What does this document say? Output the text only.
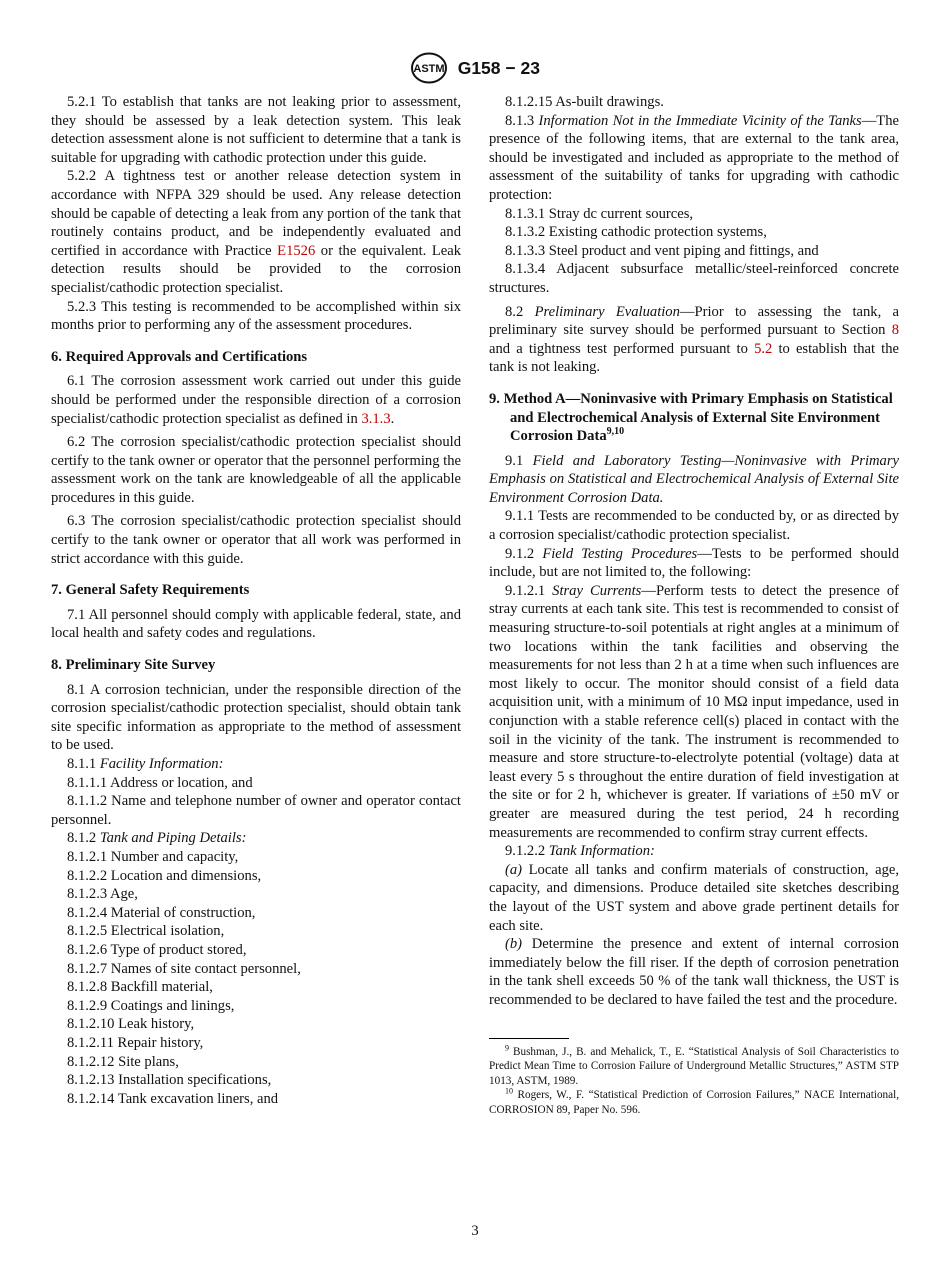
ASTM G158 − 23

5.2.1 To establish that tanks are not leaking prior to assessment, they should be assessed by a leak detection system. This leak detection assessment alone is not sufficient to determine that a tank is suitable for upgrading with cathodic protection under this guide.

5.2.2 A tightness test or another release detection system in accordance with NFPA 329 should be used. Any release detection should be capable of detecting a leak from any portion of the tank that routinely contains product, and be independently evaluated and certified in accordance with Practice E1526 or the equivalent. Leak detection results should be provided to the corrosion specialist/cathodic protection specialist.

5.2.3 This testing is recommended to be accomplished within six months prior to performing any of the assessment procedures.

6. Required Approvals and Certifications

6.1 The corrosion assessment work carried out under this guide should be performed under the responsible direction of a corrosion specialist/cathodic protection specialist as defined in 3.1.3.

6.2 The corrosion specialist/cathodic protection specialist should certify to the tank owner or operator that the personnel performing the assessment work on the tank are knowledgeable of all the applicable procedures in this guide.

6.3 The corrosion specialist/cathodic protection specialist should certify to the tank owner or operator that all work was performed in strict accordance with this guide.

7. General Safety Requirements

7.1 All personnel should comply with applicable federal, state, and local health and safety codes and regulations.

8. Preliminary Site Survey

8.1 A corrosion technician, under the responsible direction of the corrosion specialist/cathodic protection specialist, should obtain tank site specific information as appropriate to the method of assessment to be used.

8.1.1 Facility Information:

8.1.1.1 Address or location, and

8.1.1.2 Name and telephone number of owner and operator contact personnel.

8.1.2 Tank and Piping Details:

8.1.2.1 Number and capacity,
8.1.2.2 Location and dimensions,
8.1.2.3 Age,
8.1.2.4 Material of construction,
8.1.2.5 Electrical isolation,
8.1.2.6 Type of product stored,
8.1.2.7 Names of site contact personnel,
8.1.2.8 Backfill material,
8.1.2.9 Coatings and linings,
8.1.2.10 Leak history,
8.1.2.11 Repair history,
8.1.2.12 Site plans,
8.1.2.13 Installation specifications,
8.1.2.14 Tank excavation liners, and

8.1.2.15 As-built drawings.

8.1.3 Information Not in the Immediate Vicinity of the Tanks—The presence of the following items, that are external to the tank area, should be investigated and included as appropriate to the method of assessment of the suitability of tanks for upgrading with cathodic protection:

8.1.3.1 Stray dc current sources,

8.1.3.2 Existing cathodic protection systems,

8.1.3.3 Steel product and vent piping and fittings, and

8.1.3.4 Adjacent subsurface metallic/steel-reinforced concrete structures.

8.2 Preliminary Evaluation—Prior to assessing the tank, a preliminary site survey should be performed pursuant to Section 8 and a tightness test performed pursuant to 5.2 to establish that the tank is not leaking.

9. Method A—Noninvasive with Primary Emphasis on Statistical and Electrochemical Analysis of External Site Environment Corrosion Data$^{9,10}$

9.1 Field and Laboratory Testing—Noninvasive with Primary Emphasis on Statistical and Electrochemical Analysis of External Site Environment Corrosion Data.

9.1.1 Tests are recommended to be conducted by, or as directed by a corrosion specialist/cathodic protection specialist.

9.1.2 Field Testing Procedures—Tests to be performed should include, but are not limited to, the following:

9.1.2.1 Stray Currents—Perform tests to detect the presence of stray currents at each tank site. This test is recommended to consist of measuring structure-to-soil potentials at right angles at a minimum of two locations within the tank facilities and observing the measurements for not less than 2 h at a time when such influences are most likely to occur. The monitor should consist of a field data acquisition unit, with a minimum of 10 MΩ input impedance, used in conjunction with a stable reference cell(s) placed in contact with the soil in the vicinity of the tank. The instrument is recommended to measure and store structure-to-electrolyte potential (voltage) data at least every 5 s throughout the entire duration of field investigation at the site or for 2 h, whichever is greater. If variations of ±50 mV or greater are measured during the test period, 24 h recording measurements are recommended to confirm stray current effects.

9.1.2.2 Tank Information:

(a) Locate all tanks and confirm materials of construction, age, capacity, and dimensions. Produce detailed site sketches describing the layout of the UST system and above grade pertinent details for each site.

(b) Determine the presence and extent of internal corrosion immediately below the fill riser. If the depth of corrosion penetration in the tank shell exceeds 50 % of the tank wall thickness, the UST is recommended to be declared to have failed the test and the procedure.

$^9$ Bushman, J., B. and Mehalick, T., E. “Statistical Analysis of Soil Characteristics to Predict Mean Time to Corrosion Failure of Underground Metallic Structures,” ASTM STP 1013, ASTM, 1989.

$^{10}$ Rogers, W., F. “Statistical Prediction of Corrosion Failures,” NACE International, CORROSION 89, Paper No. 596.

3
